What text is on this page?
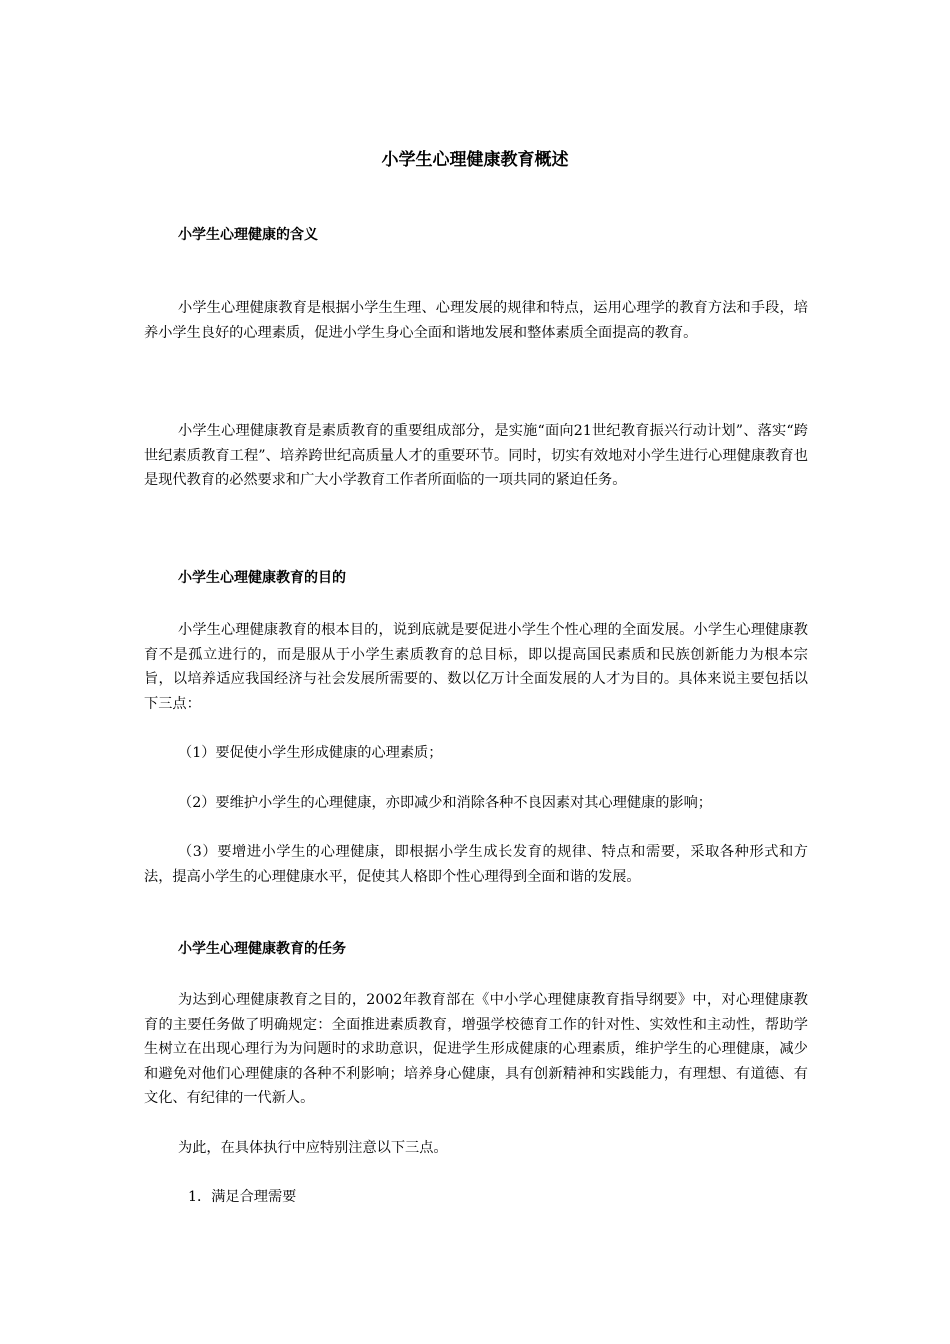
小学生心理健康教育概述
小学生心理健康的含义
小学生心理健康教育是根据小学生生理、心理发展的规律和特点，运用心理学的教育方法和手段，培养小学生良好的心理素质，促进小学生身心全面和谐地发展和整体素质全面提高的教育。
小学生心理健康教育是素质教育的重要组成部分，是实施“面向21世纪教育振兴行动计划”、落实“跨世纪素质教育工程”、培养跨世纪高质量人才的重要环节。同时，切实有效地对小学生进行心理健康教育也是现代教育的必然要求和广大小学教育工作者所面临的一项共同的紧迫任务。
小学生心理健康教育的目的
小学生心理健康教育的根本目的，说到底就是要促进小学生个性心理的全面发展。小学生心理健康教育不是孤立进行的，而是服从于小学生素质教育的总目标，即以提高国民素质和民族创新能力为根本宗旨，以培养适应我国经济与社会发展所需要的、数以亿万计全面发展的人才为目的。具体来说主要包括以下三点：
（1）要促使小学生形成健康的心理素质；
（2）要维护小学生的心理健康，亦即减少和消除各种不良因素对其心理健康的影响；
（3）要增进小学生的心理健康，即根据小学生成长发育的规律、特点和需要，采取各种形式和方法，提高小学生的心理健康水平，促使其人格即个性心理得到全面和谐的发展。
小学生心理健康教育的任务
为达到心理健康教育之目的，2002年教育部在《中小学心理健康教育指导纲要》中，对心理健康教育的主要任务做了明确规定：全面推进素质教育，增强学校德育工作的针对性、实效性和主动性，帮助学生树立在出现心理行为为问题时的求助意识，促进学生形成健康的心理素质，维护学生的心理健康，减少和避免对他们心理健康的各种不利影响；培养身心健康，具有创新精神和实践能力，有理想、有道德、有文化、有纪律的一代新人。
为此，在具体执行中应特别注意以下三点。
1．满足合理需要
